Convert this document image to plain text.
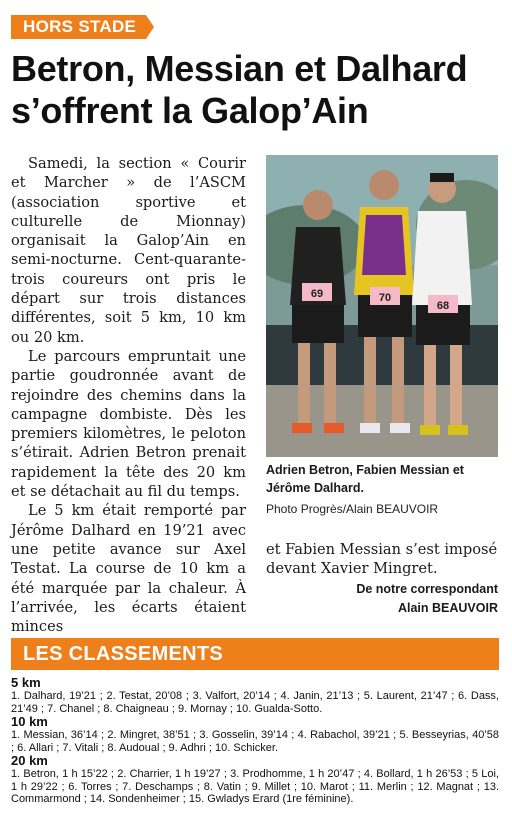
HORS STADE
Betron, Messian et Dalhard
s’offrent la Galop’Ain

Samedi, la section « Courir et Marcher » de l’ASCM (association sportive et culturelle de Mionnay) organisait la Galop’Ain en semi-nocturne. Cent-quarante-trois coureurs ont pris le départ sur trois distances différentes, soit 5 km, 10 km ou 20 km.

Le parcours empruntait une partie goudronnée avant de rejoindre des chemins dans la campagne dombiste. Dès les premiers kilomètres, le peloton s’étirait. Adrien Betron prenait rapidement la tête des 20 km et se détachait au fil du temps.

Le 5 km était remporté par Jérôme Dalhard en 19’21 avec une petite avance sur Axel Testat. La course de 10 km a été marquée par la chaleur. À l’arrivée, les écarts étaient minces

69	70
68
Adrien Betron, Fabien Messian et Jérôme Dalhard.
Photo Progrès/Alain BEAUVOIR

et Fabien Messian s’est imposé devant Xavier Mingret.

De notre correspondant
Alain BEAUVOIR
LES CLASSEMENTS
5 km
1. Dalhard, 19’21 ; 2. Testat, 20’08 ; 3. Valfort, 20’14 ; 4. Janin, 21’13 ; 5. Laurent, 21’47 ; 6. Dass, 21’49 ; 7. Chanel ; 8. Chaigneau ; 9. Mornay ; 10. Gualda-Sotto.
10 km
1. Messian, 36’14 ; 2. Mingret, 38’51 ; 3. Gosselin, 39’14 ; 4. Rabachol, 39’21 ; 5. Besseyrias, 40’58 ; 6. Allari ; 7. Vitali ; 8. Audoual ; 9. Adhri ; 10. Schicker.
20 km
1. Betron, 1 h 15’22 ; 2. Charrier, 1 h 19’27 ; 3. Prodhomme, 1 h 20’47 ; 4. Bollard, 1 h 26’53 ; 5 Loi, 1 h 29’22 ; 6. Torres ; 7. Deschamps ; 8. Vatin ; 9. Millet ; 10. Marot ; 11. Merlin ; 12. Magnat ; 13. Commarmond ; 14. Sondenheimer ; 15. Gwladys Erard (1re féminine).
